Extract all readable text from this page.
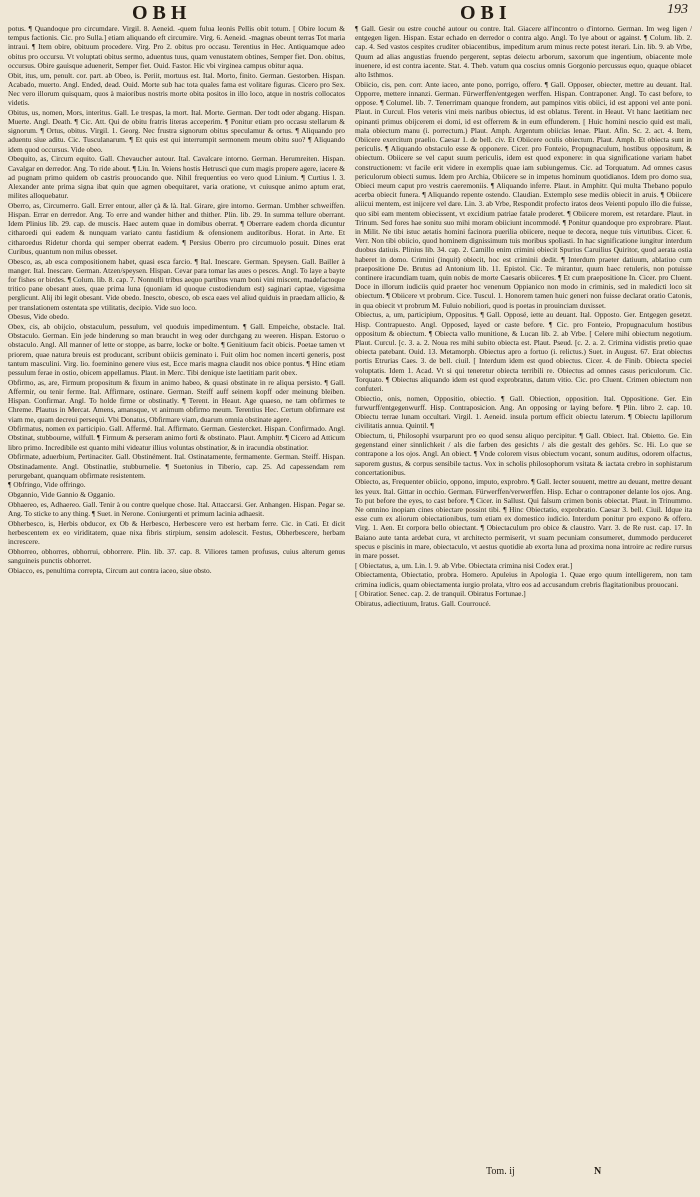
OBH	OBI	193

potus. ¶ Quandoque pro circumdare. Virgil. 8. Aeneid. -quem fulua leonis Pellis obit totum. [ Obire locum & tempus factionis. Cic. pro Sulla.] etiam aliquando eft circumire. Virg. 6. Aeneid. -magnas obeunt terras Tot maria intraui. ¶ Item obire, obituum procedere. Virg. Pro 2. obitus pro occasu. Terentius in Hec. Antiquamque adeo obitus pro occursu. Vt voluptati obitus sermo, aduentus tuus, quam venustatem obtines, Semper fiet. Don. obitus, occursus. Obire gauisque aduenerit, Semper fiet. Ouid. Fastor. Hic vbi virginea campus obitur aqua.

Obit, itus, um, penult. cor. part. ab Obeo, is. Periit, mortuus est. Ital. Morto, finito. German. Gestorben. Hispan. Acabado, muerto. Angl. Ended, dead. Ouid. Morte sub hac tota quales fama est volitare figuras. Cicero pro Sex. Nec vero illorum quisquam, quos à maioribus nostris morte obita positos in illo loco, atque in nostris collocatos videtis.

Obitus, us, nomen, Mors, interitus. Gall. Le trespas, la mort. Ital. Morte. German. Der todt oder abgang. Hispan. Muerte. Angl. Death. ¶ Cic. Att. Qui de obitu fratris literas acceperim. ¶ Ponitur etiam pro occasu stellarum & signorum. ¶ Ortus, obitus. Virgil. 1. Georg. Nec frustra signorum obitus speculamur & ortus. ¶ Aliquando pro aduentu siue aditu. Cic. Tusculanarum. ¶ Et quis est qui interrumpit sermonem meum obitu suo? ¶ Aliquando idem quod occursus. Vide obeo.

Obequito, as, Circum equito. Gall. Chevaucher autour. Ital. Cavalcare intorno. German. Herumreiten. Hispan. Cavalgar en derredor. Ang. To ride about. ¶ Liu. In. Veiens hostis Hetrusci que cum magis propere agere, iacere & ad pugnam primo quidem ob castris prouocando que. Nihil frequentius eo vero quod Linium. ¶ Curtius l. 3. Alexander ante prima signa ibat quin que agmen obequitaret, varia oratione, vt cuiusque animo aptum erat, milites alloquebatur.

Oberro, as, Circumerro. Gall. Errer entour, aller çà & là. Ital. Girare, gire intorno. German. Umbher schweiffen. Hispan. Errar en derredor. Ang. To erre and wander hither and thither. Plin. lib. 29. In summa tellure oberrant. Idem Plinius lib. 29. cap. de muscis. Haec autem quae in domibus oberrat. ¶ Oberrare eadem chorda dicuntur citharoedi qui eadem & nunquam variato cantu fastidium & ofensionem auditoribus. Horat. in Arte. Et citharoedus Ridetur chorda qui semper oberrat eadem. ¶ Persius Oberro pro circumuolo posuit. Dines erat Curibus, quantum non milus obesset.

Obesco, as, ab esca compositionem habet, quasi esca farcio. ¶ Ital. Inescare. German. Speysen. Gall. Bailler à manger. Ital. Inescare. German. Atzen/speysen. Hispan. Cevar para tomar las aues o pesces. Angl. To laye a bayte for fishes or birdes. ¶ Colum. lib. 8. cap. 7. Nonnulli tribus aequo partibus vnam boni vini miscent, madefactoque tritico pane obesant aues, quae prima luna (quoniam id quoque custodiendum est) saginari captae, vigesima perglicunt. Alij ibi legit obesant. Vide obedo. Inescto, obesco, ob esca eaes vel aliud quiduis in praedam allicio, & per translationem ostentata spe vtilitatis, decipio. Vide suo loco.

Obesus, Vide obedo.

Obex, cis, ab obijcio, obstaculum, pessulum, vel quoduis impedimentum. ¶ Gall. Empeiche, obstacle. Ital. Obstaculo. German. Ein jede hinderung so man braucht in weg oder durchgang zu weeren. Hispan. Estoruo o obstaculo. Angl. All manner of lette or stoppe, as barre, locke or bolte. ¶ Genitiuum facit obicis. Poetae tamen vt priorem, quae natura breuis est producant, scribunt obiicis geminato i. Fuit olim hoc nomen incerti generis, post tantum masculini. Virg. lio. foeminino genere vius est, Ecce maris magna claudit nos obice pontus. ¶ Hinc etiam pessulum ferae in ostio, obicem appellamus. Plaut. in Merc. Tibi denique iste laetitiam parit obex.

Obfirmo, as, are, Firmum propositum & fixum in animo habeo, & quasi obstinate in re aliqua persisto. ¶ Gall. Affermir, ou tenir ferme. Ital. Affirmare, ostinare. German. Steiff auff seinem kopff oder meinung bleiben. Hispan. Confirmar. Angl. To holde firme or obstinatly. ¶ Terent. in Heaut. Age quaeso, ne tam obfirmes te Chreme. Plautus in Mercat. Amens, amansque, vt animum obfirmo meum. Terentius Hec. Certum obfirmare est viam me, quam decreui persequi. Vbi Donatus, Obfirmare viam, duarum omnia obstinate agere.

Obfirmatus, nomen ex participio. Gall. Affermé. Ital. Affirmato. German. Gestercket. Hispan. Confirmado. Angl. Obstinat, stubbourne, wilfull. ¶ Firmum & perseram animo forti & obstinato. Plaut. Amphitr. ¶ Cicero ad Atticum libro primo. Incredibile est quanto mihi videatur illius voluntas obstinatior, & in iracundia obstinatior.

Obfirmate, aduerbium, Pertinaciter. Gall. Obstinément. Ital. Ostinatamente, fermamente. German. Steiff. Hispan. Obstinadamente. Angl. Obstinatlie, stubburnelie. ¶ Suetonius in Tiberio, cap. 25. Ad capessendam rem perurgebant, quanquam obfirmate resistentem.

¶ Obfringo, Vide offringo.

Obgannio, Vide Gannio & Ogganio.

Obhaereo, es, Adhaereo. Gall. Tenir à ou contre quelque chose. Ital. Attaccarsi. Ger. Anhangen. Hispan. Pegar se. Ang. To sticke to any thing. ¶ Suet. in Nerone. Coniurgenti et primum lacinia adhaesit.

Obherbesco, is, Herbis obducor, ex Ob & Herbesco, Herbescere vero est herbam ferre. Cic. in Cati. Et dicit herbescentem ex eo viriditatem, quae nixa fibris stirpium, sensim adolescit. Festus, Obherbescere, herbam increscere.

Obhorreo, obhorres, obhorrui, obhorrere. Plin. lib. 37. cap. 8. Viliores tamen profusus, cuius alterum genus sanguineis punctis obhorret.

Obiacco, es, penultima correpta, Circum aut contra iaceo, siue obsto.

¶ Gall. Gesir ou estre couché autour ou contre. Ital. Giacere all'incontro o d'intorno. German. Im weg ligen / entgegen ligen. Hispan. Estar echado en derredor o contra algo. Angl. To lye about or against. ¶ Colum. lib. 2. cap. 4. Sed vastos cespites cruditer obiacentibus, impeditum arum minus recte potest iterari. Lin. lib. 9. ab Vrbe, Quum ad alias angustias fruendo pergerent, septas deiectu arborum, saxorum que ingentium, obiacente mole inuenere, id est contra iacente. Stat. 4. Theb. vatum qua coscius omnis Gorgonio percussus equo, quaque obiacet alto Isthmos.

Obiicio, cis, pen. corr. Ante iaceo, ante pono, porrigo, offero. ¶ Gall. Opposer, obiecter, mettre au deuant. Ital. Opporre, mettere innanzi. German. Fürwerffen/entgegen werffen. Hispan. Contraponer. Angl. To cast before, to oppose. ¶ Columel. lib. 7. Tenerrimam quanque frondem, aut pampinos vitis obiici, id est apponi vel ante poni. Plaut. in Curcul. Flos veteris vini meis naribus obiectus, id est oblatus. Terent. in Heaut. Vt hanc laetitiam nec opinanti primus obijcerem ei domi, id est offerrem & in eum effunderem. [ Huic homini nescio quid est mali, mala obiectum manu (i. porrectum.) Plaut. Amph. Argentum obiicias lenae. Plaut. Afin. Sc. 2. act. 4. Item, Obiicere exercitum praelio. Caesar 1. de bell. civ. Et Obiicere oculis obiectum. Plaut. Amph. Et obiecta sunt in periculis. ¶ Aliquando obstaculo esse & opponere. Cicer. pro Fonteio, Propugnaculum, hostibus oppositum, & obiectum. Obiicere se vel caput suum periculis, idem est quod exponere: in qua significatione variam habet constructionem: vt facile erit videre in exemplis quae iam subiungemus. Cic. ad Torquatum. Ad omnes casus periculorum obiecti sumus. Idem pro Archia, Obiicere se in impetus hominum quotidianos. Idem pro domo sua, Obieci meum caput pro vestris caeremoniis. ¶ Aliquando inferre. Plaut. in Amphitr. Qui multa Thebano populo acerba obiecit funera. ¶ Aliquando repente ostendo. Claudian. Extemplo sese mediis obiecit in aruis. ¶ Obiicere aliicui mentem, est inijcere vel dare. Lin. 3. ab Vrbe, Respondit profecto iratos deos Veienti populo illo die fuisse, quo sibi eam mentem obiecissent, vt excidium patriae fatale proderet. ¶ Obiicere morem, est retardare. Plaut. in Trinum. Sed fores hae sonitu suo mihi moram obiiciunt incommodé. ¶ Ponitur quandoque pro exprobrare. Plaut. in Milit. Ne tibi istuc aetatis homini facinora puerilia obiicere, neque te decora, neque tuis virtutibus. Cicer. 6. Verr. Non tibi obiicio, quod hominem dignissimum tuis moribus spoliasti. In hac significatione iungitur interdum duobus datiuis. Plinius lib. 34. cap. 2. Camillo enim crimini obiecit Spurius Caruilius Quiritor, quod aerata ostia haberet in domo. Crimini (inquit) obiecit, hoc est criminii dedit. ¶ Interdum praeter datiuum, ablatiuo cum praepositione De. Brutus ad Antonium lib. 11. Epistol. Cic. Te mirantur, quum haec retuleris, non potuisse continere iracundiam tuam, quin nobis de morte Caesaris obiiceres. ¶ Et cum praepositione In. Cicer. pro Cluent. Doce in illorum iudiciis quid praeter hoc venenum Oppianico non modo in criminis, sed in maledicti loco sit obiectum. ¶ Obiicere vt probrum. Cice. Tuscul. 1. Honorem tamen huic generi non fuisse declarat oratio Catonis, in qua obiecit vt probrum M. Fuluio nobiliori, quod is poetas in prouinciam duxisset.

Obiectus, a, um, participium, Oppositus. ¶ Gall. Opposé, iette au deuant. Ital. Opposto. Ger. Entgegen gesetzt. Hisp. Contrapuesto. Angl. Opposed, layed or caste before. ¶ Cic. pro Fonteio, Propugnaculum hostibus oppositum & obiectum. ¶ Obiecta vallo munitione, & Lucan lib. 2. ab Vrbe. [ Celere mihi obiectum negotium. Plaut. Curcul. [c. 3. a. 2. Noua res mihi subito obiecta est. Plaut. Pseud. [c. 2. a. 2. Crimina vidistis pretio quae obiecta patebant. Ouid. 13. Metamorph. Obiectus apro a fortuo (i. relictus.) Suet. in August. 67. Erat obiectus portis Etrurias Caes. 3. de bell. ciuil. [ Interdum idem est quod obiectus. Cicer. 4. de Finib. Obiecta speciei voluptatis. Idem 1. Acad. Vt si qui teneretur obiecta terribili re. Obiectus ad omnes casus periculorum. Cic. Torquato. ¶ Obiectus aliquando idem est quod exprobratus, datum vitio. Cic. pro Cluent. Crimen obiectum non confuteri.

Obiectio, onis, nomen, Oppositio, obiectio. ¶ Gall. Obiection, opposition. Ital. Oppositione. Ger. Ein furwurff/entgegenwurff. Hisp. Contraposicion. Ang. An opposing or laying before. ¶ Plin. libro 2. cap. 10. Obiectu terrae lunam occultari. Virgil. 1. Aeneid. insula portum efficit obiectu laterum. ¶ Obiectu lapillorum civilitatis annua. Quintil. ¶

Obiectum, ti, Philosophi vsurparunt pro eo quod sensu aliquo percipitur. ¶ Gall. Obiect. Ital. Obietto. Ge. Ein gegenstand einer sinnlichkeit / als die farben des gesichts / als die gestalt des gehörs. Sc. Hi. Lo que se contrapone a los ojos. Angl. An obiect. ¶ Vnde colorem visus obiectum vocant, sonum auditus, odorem olfactus, saporem gustus, & corpus sensibile tactus. Vox in scholis philosophorum vsitata & iactata crebro in sophistarum concertationibus.

Obiecto, as, Frequenter obiicio, oppono, imputo, exprobro. ¶ Gall. Iecter souuent, mettre au deuant, mettre deuant les yeux. Ital. Gittar in occhio. German. Fürwerffen/verwerffen. Hisp. Echar o contraponer delante los ojos. Ang. To put before the eyes, to cast before. ¶ Cicer. in Sallust. Qui falsum crimen bonis obiectat. Plaut. in Trinummo. Ne omnino inopiam cines obiectare possint tibi. ¶ Hinc Obiectatio, exprobratio. Caesar 3. bell. Ciuil. Idque ita esse cum ex aliorum obiectationibus, tum etiam ex domestico iudicio. Interdum ponitur pro expono & offero. Virg. 1. Aen. Et corpora bello obiectant. ¶ Obiectaculum pro obice & claustro. Varr. 3. de Re rust. cap. 17. In Baiano aute tanta ardebat cura, vt architecto permiserit, vt suam pecuniam consumeret, dummodo perduceret specus e piscinis in mare, obiectaculo, vt aestus quotidie ab exorta luna ad proxima nona introire ac redire rursus in mare posset.

[ Obiectatus, a, um. Lin. l. 9. ab Vrbe. Obiectata crimina nisi Codex erat.]

Obiectamenta, Obiectatio, probra. Homero. Apuleius in Apologia 1. Quae ergo quum intelligerem, non tam crimina iudicis, quam obiectamenta iurgio prolata, vltro eos ad accusandum crebris flagitationibus prouocani.

[ Obiratior. Senec. cap. 2. de tranquil. Obiratus Fortunae.]

Obiratus, adiectiuum, Iratus. Gall. Courroucé.

Tom. ij	N
